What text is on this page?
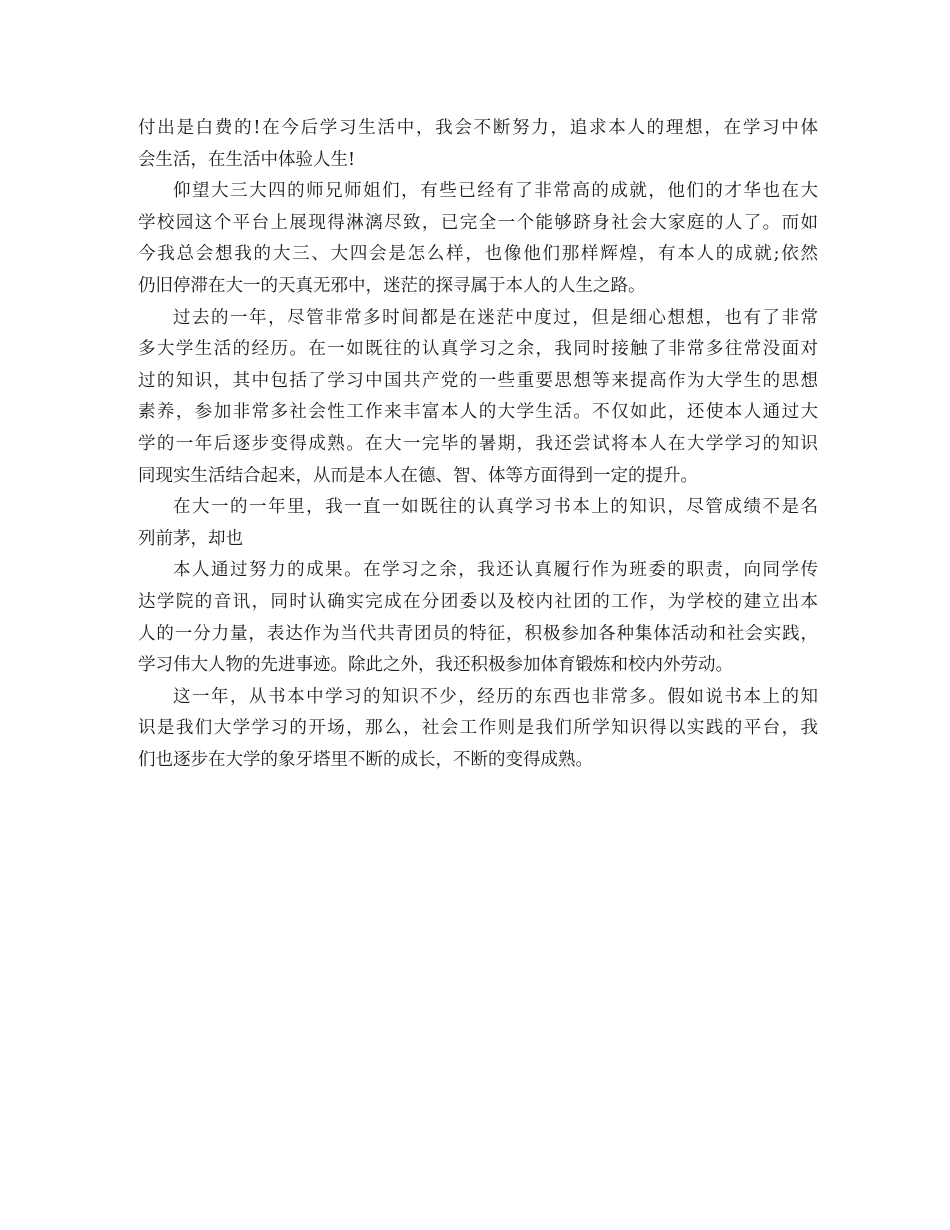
付出是白费的!在今后学习生活中，我会不断努力，追求本人的理想，在学习中体
会生活，在生活中体验人生!
仰望大三大四的师兄师姐们，有些已经有了非常高的成就，他们的才华也在大
学校园这个平台上展现得淋漓尽致，已完全一个能够跻身社会大家庭的人了。而如
今我总会想我的大三、大四会是怎么样，也像他们那样辉煌，有本人的成就;依然
仍旧停滞在大一的天真无邪中，迷茫的探寻属于本人的人生之路。
过去的一年，尽管非常多时间都是在迷茫中度过，但是细心想想，也有了非常
多大学生活的经历。在一如既往的认真学习之余，我同时接触了非常多往常没面对
过的知识，其中包括了学习中国共产党的一些重要思想等来提高作为大学生的思想
素养，参加非常多社会性工作来丰富本人的大学生活。不仅如此，还使本人通过大
学的一年后逐步变得成熟。在大一完毕的暑期，我还尝试将本人在大学学习的知识
同现实生活结合起来，从而是本人在德、智、体等方面得到一定的提升。
在大一的一年里，我一直一如既往的认真学习书本上的知识，尽管成绩不是名
列前茅，却也
本人通过努力的成果。在学习之余，我还认真履行作为班委的职责，向同学传
达学院的音讯，同时认确实完成在分团委以及校内社团的工作，为学校的建立出本
人的一分力量，表达作为当代共青团员的特征，积极参加各种集体活动和社会实践，
学习伟大人物的先进事迹。除此之外，我还积极参加体育锻炼和校内外劳动。
这一年，从书本中学习的知识不少，经历的东西也非常多。假如说书本上的知
识是我们大学学习的开场，那么，社会工作则是我们所学知识得以实践的平台，我
们也逐步在大学的象牙塔里不断的成长，不断的变得成熟。
